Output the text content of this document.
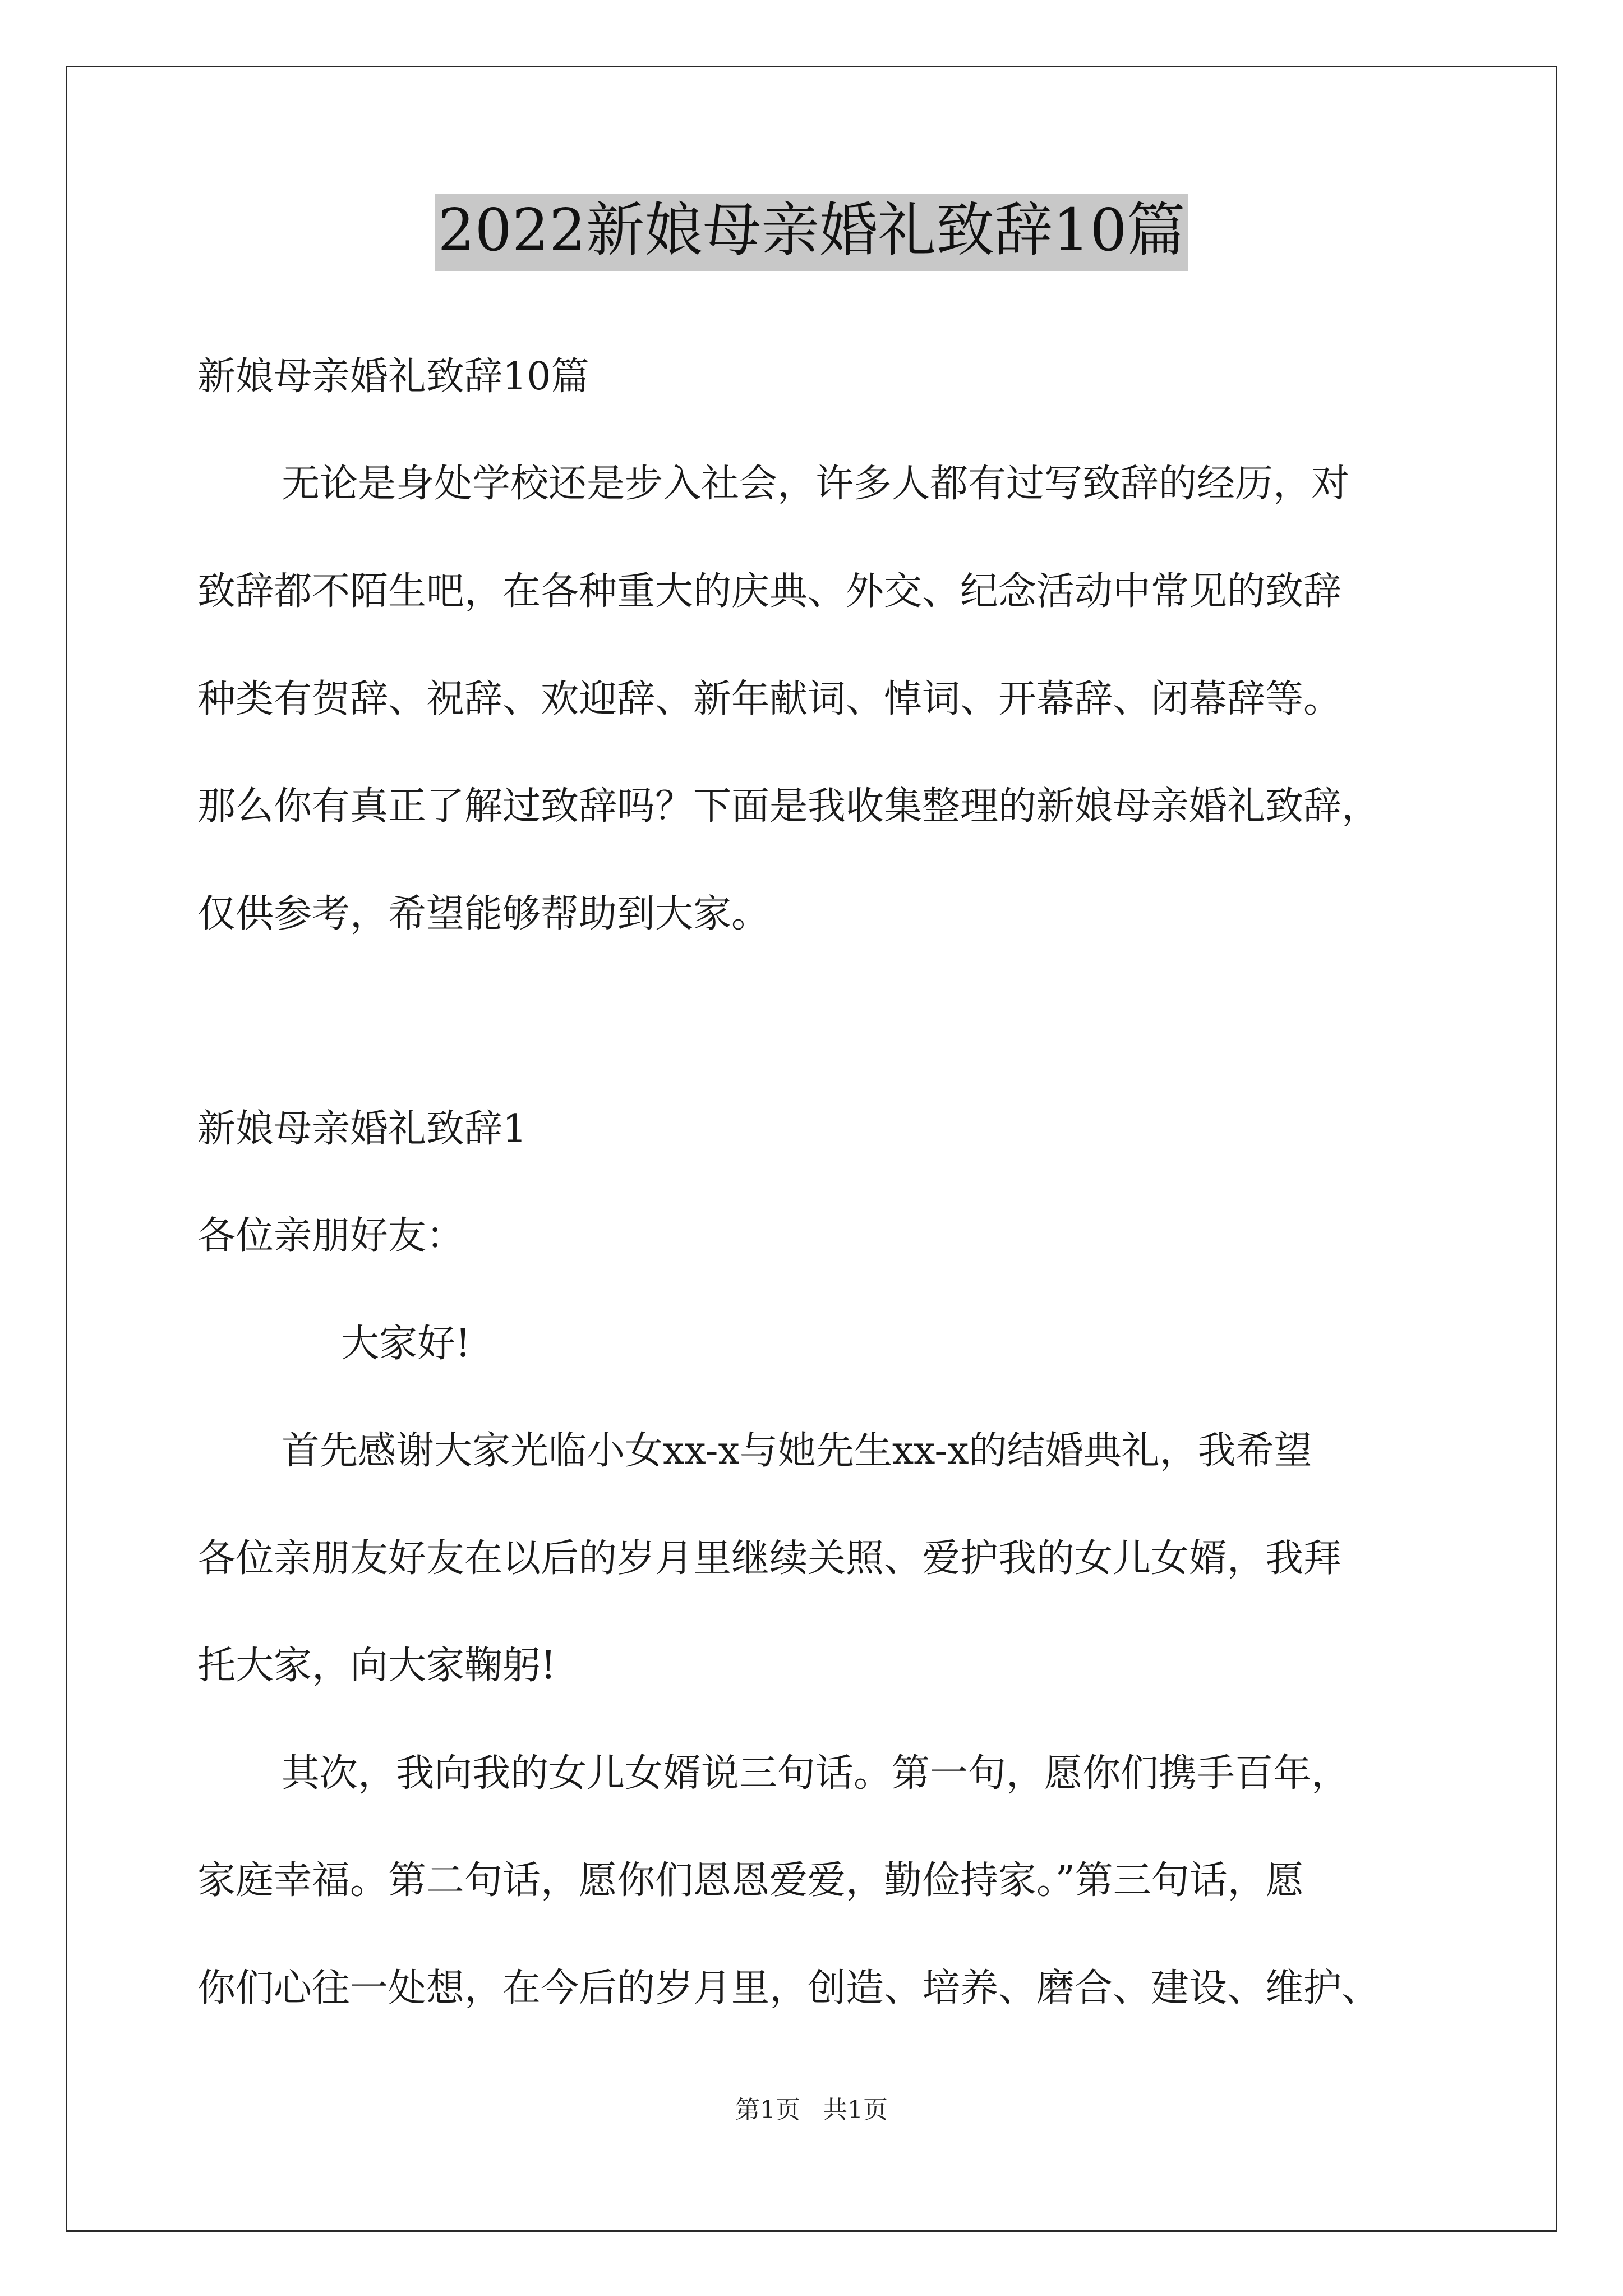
2022新娘母亲婚礼致辞10篇
新娘母亲婚礼致辞10篇
无论是身处学校还是步入社会，许多人都有过写致辞的经历，对
致辞都不陌生吧，在各种重大的庆典、外交、纪念活动中常见的致辞
种类有贺辞、祝辞、欢迎辞、新年献词、悼词、开幕辞、闭幕辞等。
那么你有真正了解过致辞吗？下面是我收集整理的新娘母亲婚礼致辞，
仅供参考，希望能够帮助到大家。
新娘母亲婚礼致辞1
各位亲朋好友：
大家好!
首先感谢大家光临小女xx-x与她先生xx-x的结婚典礼，我希望
各位亲朋友好友在以后的岁月里继续关照、爱护我的女儿女婿，我拜
托大家，向大家鞠躬!
其次，我向我的女儿女婿说三句话。第一句，愿你们携手百年，
家庭幸福。第二句话，愿你们恩恩爱爱，勤俭持家。”第三句话，愿
你们心往一处想，在今后的岁月里，创造、培养、磨合、建设、维护、
第1页 共1页
